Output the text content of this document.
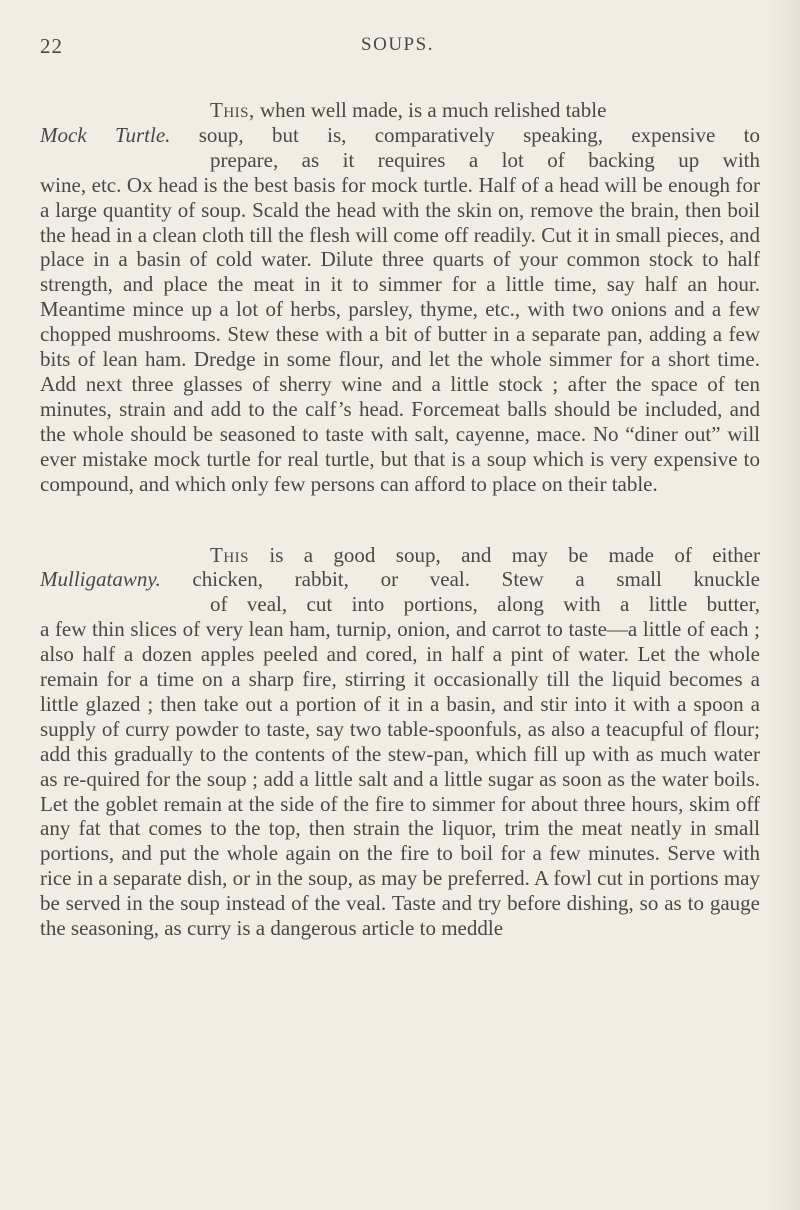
22	SOUPS.

This, when well made, is a much relished table
Mock Turtle. soup, but is, comparatively speaking, expensive to
prepare, as it requires a lot of backing up with
wine, etc. Ox head is the best basis for mock turtle. Half of a head will be enough for a large quantity of soup. Scald the head with the skin on, remove the brain, then boil the head in a clean cloth till the flesh will come off readily. Cut it in small pieces, and place in a basin of cold water. Dilute three quarts of your common stock to half strength, and place the meat in it to simmer for a little time, say half an hour. Meantime mince up a lot of herbs, parsley, thyme, etc., with two onions and a few chopped mushrooms. Stew these with a bit of butter in a separate pan, adding a few bits of lean ham. Dredge in some flour, and let the whole simmer for a short time. Add next three glasses of sherry wine and a little stock ; after the space of ten minutes, strain and add to the calf’s head. Forcemeat balls should be included, and the whole should be seasoned to taste with salt, cayenne, mace. No “diner out” will ever mistake mock turtle for real turtle, but that is a soup which is very expensive to compound, and which only few persons can afford to place on their table.

This is a good soup, and may be made of either
Mulligatawny. chicken, rabbit, or veal. Stew a small knuckle
of veal, cut into portions, along with a little butter,
a few thin slices of very lean ham, turnip, onion, and carrot to taste—a little of each ; also half a dozen apples peeled and cored, in half a pint of water. Let the whole remain for a time on a sharp fire, stirring it occasionally till the liquid becomes a little glazed ; then take out a portion of it in a basin, and stir into it with a spoon a supply of curry powder to taste, say two table-spoonfuls, as also a teacupful of flour; add this gradually to the contents of the stew-pan, which fill up with as much water as re-quired for the soup ; add a little salt and a little sugar as soon as the water boils. Let the goblet remain at the side of the fire to simmer for about three hours, skim off any fat that comes to the top, then strain the liquor, trim the meat neatly in small portions, and put the whole again on the fire to boil for a few minutes. Serve with rice in a separate dish, or in the soup, as may be preferred. A fowl cut in portions may be served in the soup instead of the veal. Taste and try before dishing, so as to gauge the seasoning, as curry is a dangerous article to meddle
